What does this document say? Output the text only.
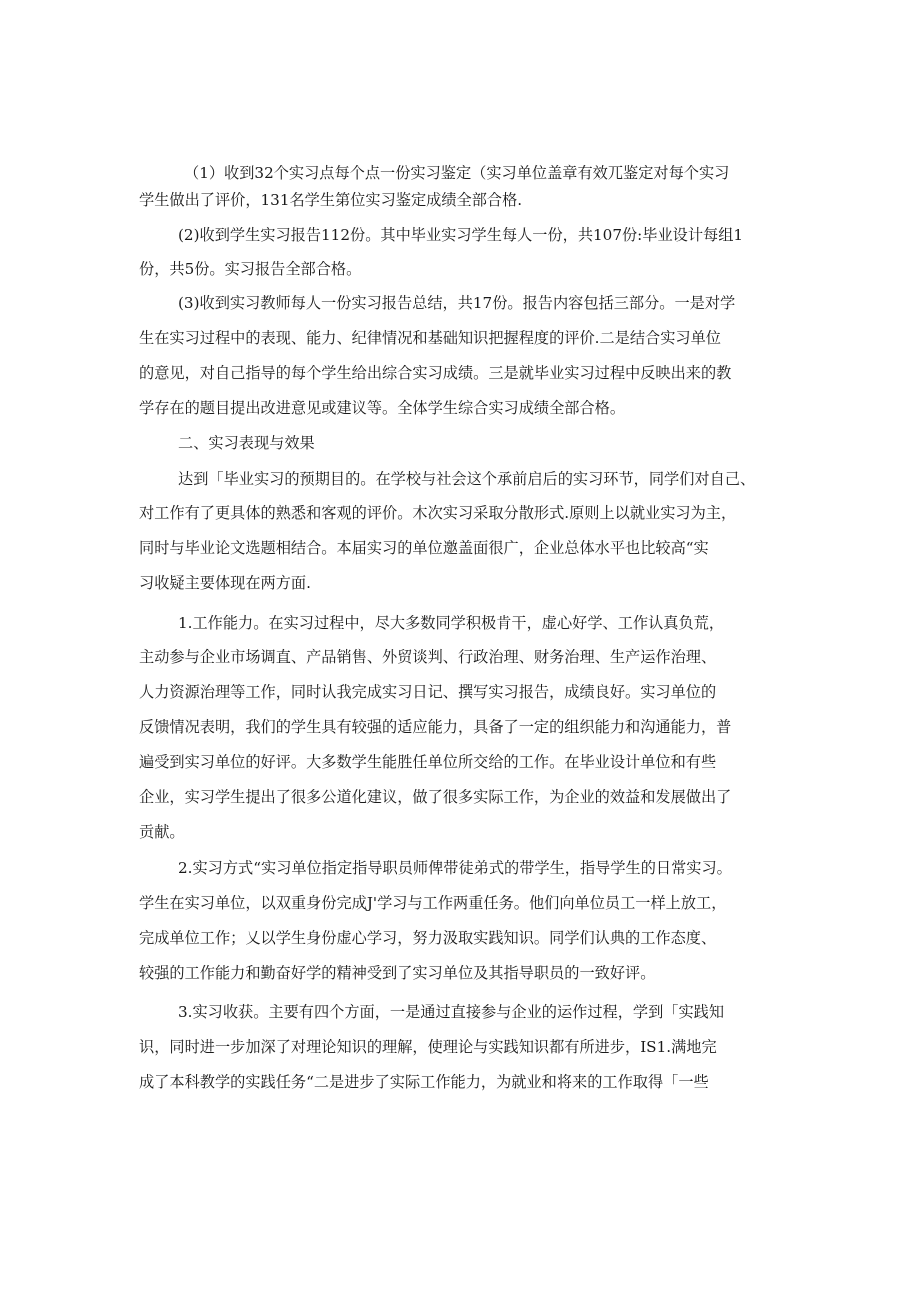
（1）收到32个实习点每个点一份实习鉴定（实习单位盖章有效兀鉴定对每个实习
学生做出了评价，131名学生第位实习鉴定成绩全部合格.
(2)收到学生实习报告112份。其中毕业实习学生每人一份，共107份:毕业设计每组1
份，共5份。实习报告全部合格。
(3)收到实习教师每人一份实习报告总结，共17份。报告内容包括三部分。一是对学
生在实习过程中的表现、能力、纪律情况和基础知识把握程度的评价.二是结合实习单位
的意见，对自己指导的每个学生给出综合实习成绩。三是就毕业实习过程中反映出来的教
学存在的题目提出改进意见或建议等。全体学生综合实习成绩全部合格。
二、实习表现与效果
达到「毕业实习的预期目的。在学校与社会这个承前启后的实习环节，同学们对自己、
对工作有了更具体的熟悉和客观的评价。木次实习采取分散形式.原则上以就业实习为主，
同时与毕业论文选题相结合。本届实习的单位邀盖面很广，企业总体水平也比较高“实
习收疑主要体现在两方面.
1.工作能力。在实习过程中，尽大多数同学积极肯干，虚心好学、工作认真负荒，
主动参与企业市场调直、产品销售、外贸谈判、行政治理、财务治理、生产运作治理、
人力资源治理等工作，同时认我完成实习日记、撰写实习报告，成绩良好。实习单位的
反馈情况表明，我们的学生具有较强的适应能力，具备了一定的组织能力和沟通能力，普
遍受到实习单位的好评。大多数学生能胜任单位所交给的工作。在毕业设计单位和有些
企业，实习学生提出了很多公道化建议，做了很多实际工作，为企业的效益和发展做出了
贡献。
2.实习方式“实习单位指定指导职员师俾带徒弟式的带学生，指导学生的日常实习。
学生在实习单位，以双重身份完成J'学习与工作两重任务。他们向单位员工一样上放工，
完成单位工作；乂以学生身份虚心学习，努力汲取实践知识。同学们认典的工作态度、
较强的工作能力和勤奋好学的精神受到了实习单位及其指导职员的一致好评。
3.实习收获。主要有四个方面，一是通过直接参与企业的运作过程，学到「实践知
识，同时进一步加深了对理论知识的理解，使理论与实践知识都有所进步，IS1.满地完
成了本科教学的实践任务“二是进步了实际工作能力，为就业和将来的工作取得「一些
